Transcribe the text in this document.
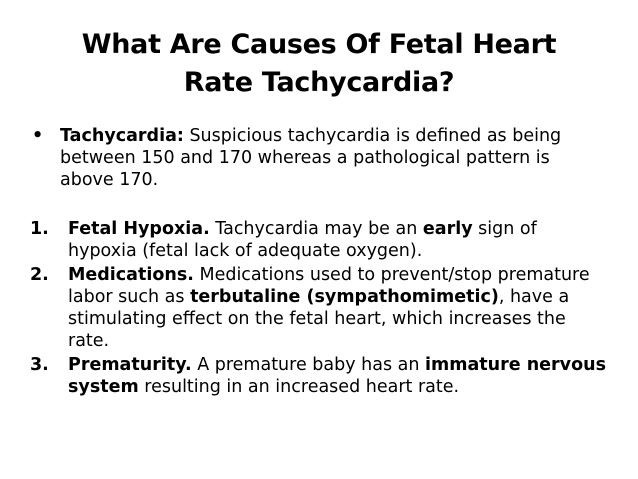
What Are Causes Of Fetal Heart
Rate Tachycardia?
• Tachycardia: Suspicious tachycardia is defined as being between 150 and 170 whereas a pathological pattern is above 170.
1. Fetal Hypoxia. Tachycardia may be an early sign of hypoxia (fetal lack of adequate oxygen).
2. Medications. Medications used to prevent/stop premature labor such as terbutaline (sympathomimetic), have a stimulating effect on the fetal heart, which increases the rate.
3. Prematurity. A premature baby has an immature nervous system resulting in an increased heart rate.
